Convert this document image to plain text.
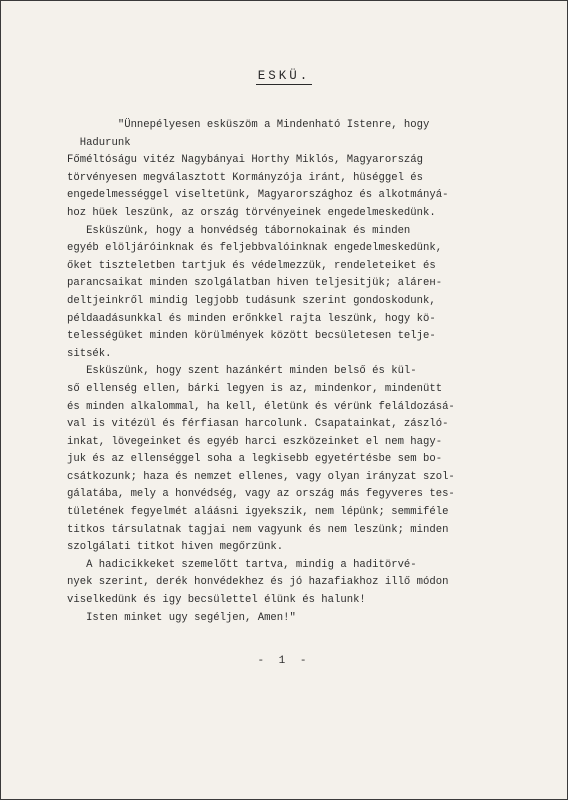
ESKÜ.
"Ünnepélyesen esküszöm a Mindenható Istenre, hogy
Hadurunk
Főméltóságu vitéz Nagybányai Horthy Miklós, Magyarország
törvényesen megválasztott Kormányzója iránt, hüséggel és
engedelmességgel viseltetünk, Magyarországhoz és alkotmányá-
hoz hüek leszünk, az ország törvényeinek engedelmeskedünk.
Esküszünk, hogy a honvédség tábornokainak és minden
egyéb elöljáróinknak és feljebbvalóinknak engedelmeskedünk,
őket tiszteletben tartjuk és védelmezzük, rendeleteiket és
parancsaikat minden szolgálatban hiven teljesitjük; alárен-
deltjeinkről mindig legjobb tudásunk szerint gondoskodunk,
példaadásunkkal és minden erőnkkel rajta leszünk, hogy kö-
telességüket minden körülmények között becsületesen telje-
sitsék.
Esküszünk, hogy szent hazánkért minden belső és kül-
ső ellenség ellen, bárki legyen is az, mindenkor, mindenütt
és minden alkalommal, ha kell, életünk és vérünk feláldozásá-
val is vitézül és férfiasan harcolunk. Csapatainkat, zászló-
inkat, lövegeinket és egyéb harci eszközeinket el nem hagy-
juk és az ellenséggel soha a legkisebb egyetértésbe sem bo-
csátkozunk; haza és nemzet ellenes, vagy olyan irányzat szol-
gálatába, mely a honvédség, vagy az ország más fegyveres tes-
tületének fegyelmét aláásni igyekszik, nem lépünk; semmiféle
titkos társulatnak tagjai nem vagyunk és nem leszünk; minden
szolgálati titkot hiven megőrzünk.
A hadicikkeket szemelőtt tartva, mindig a haditörvé-
nyek szerint, derék honvédekhez és jó hazafiakhoz illő módon
viselkedünk és igy becsülettel élünk és halunk!
Isten minket ugy segéljen, Amen!"
- 1 -
